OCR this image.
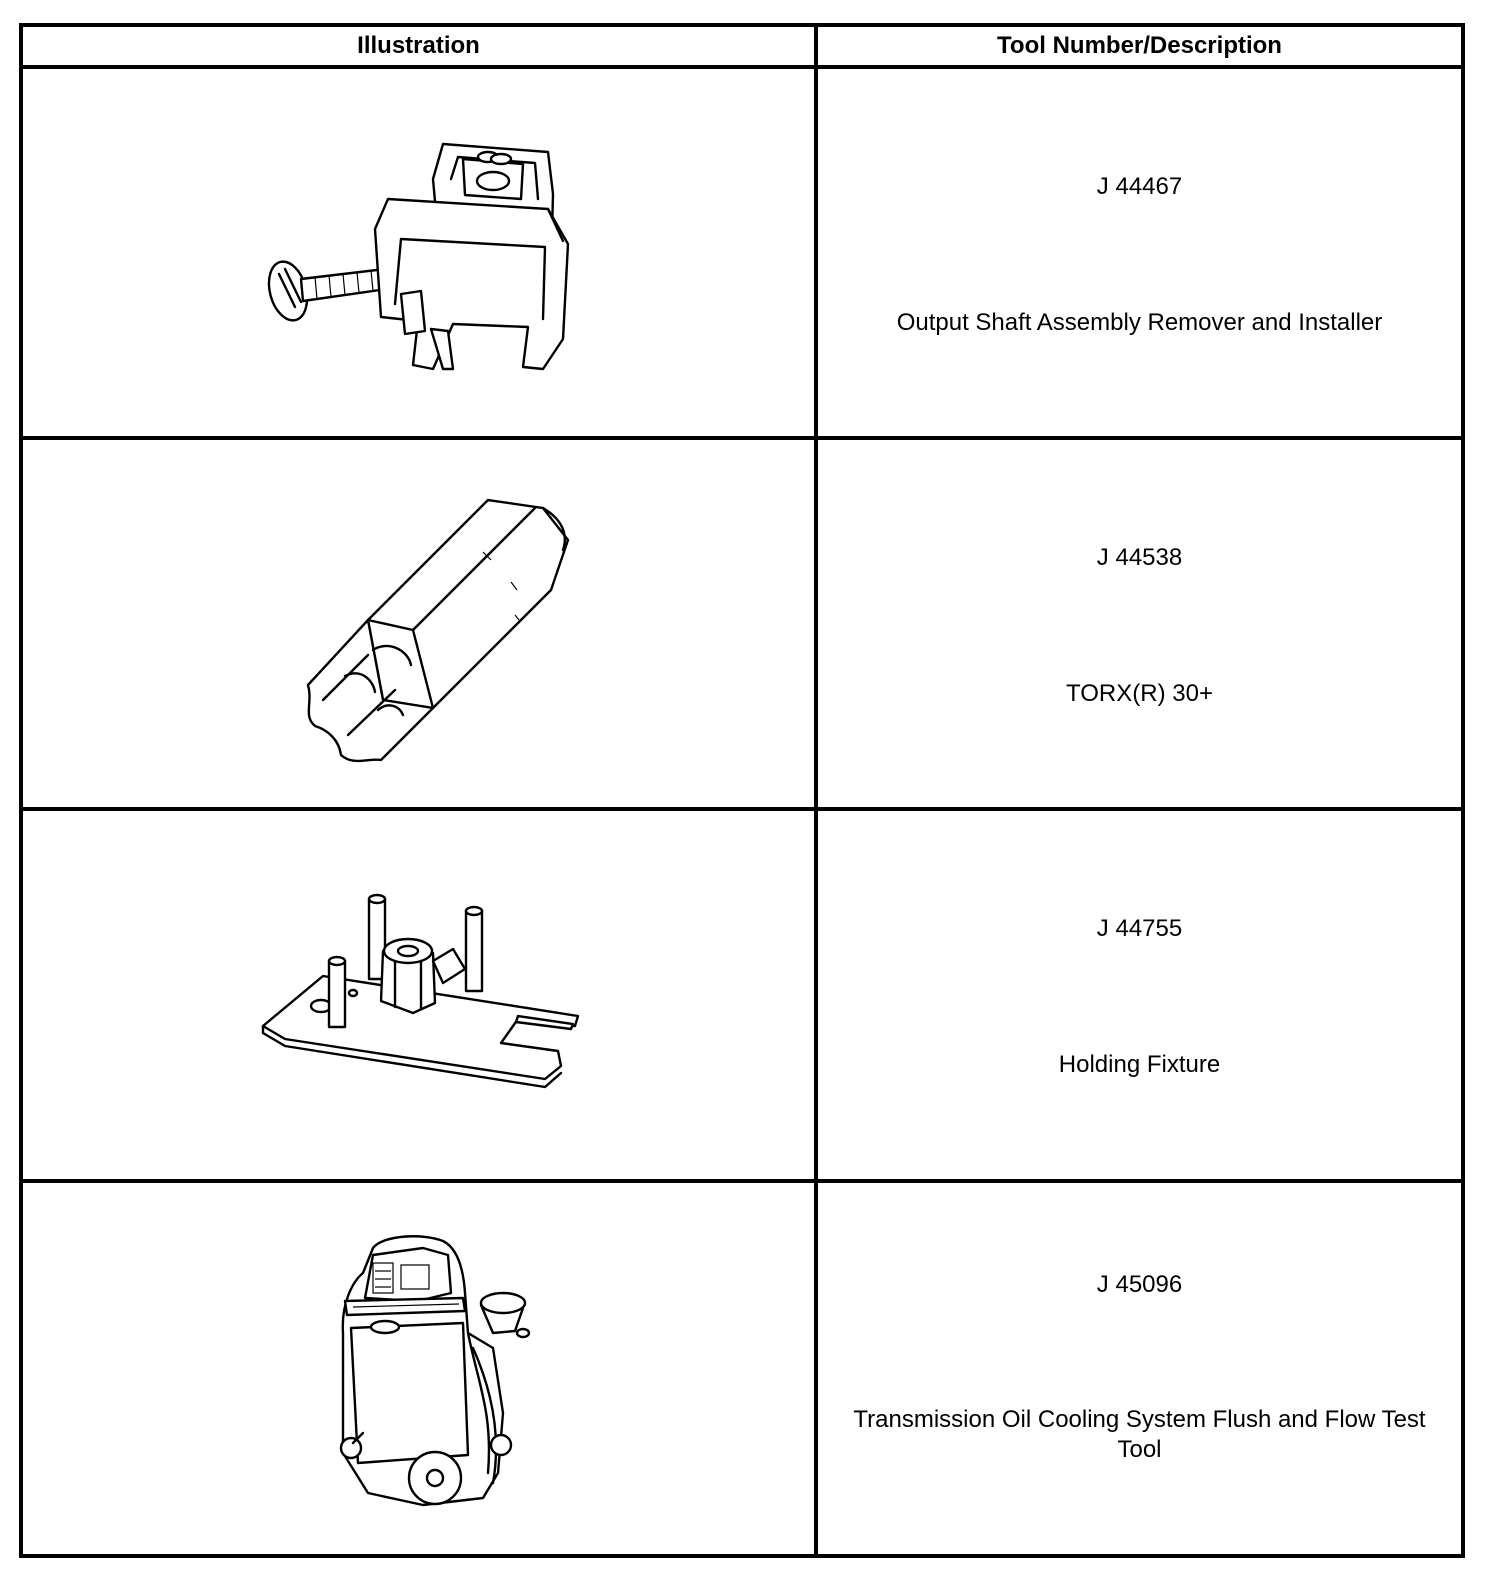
Illustration	Tool Number/Description

J 44467
Output Shaft Assembly Remover and Installer

J 44538
TORX(R) 30+

J 44755
Holding Fixture

J 45096
Transmission Oil Cooling System Flush and Flow Test Tool
